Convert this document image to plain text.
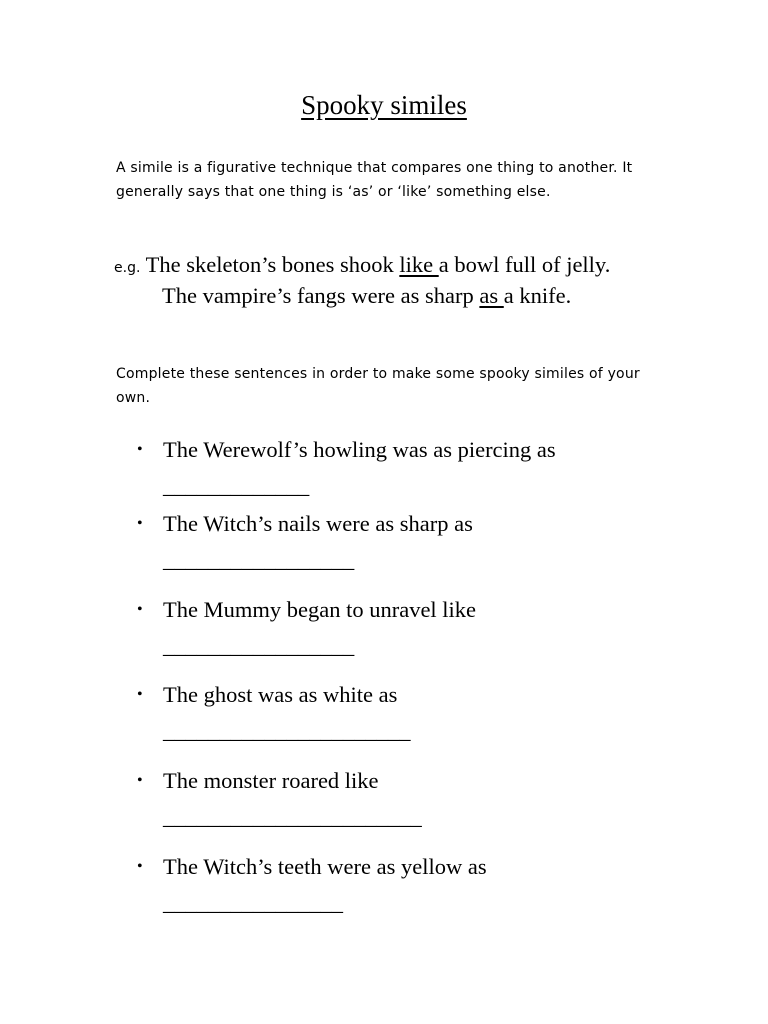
Spooky similes
A simile is a figurative technique that compares one thing to another. It generally says that one thing is ‘as’ or ‘like’ something else.
e.g. The skeleton’s bones shook like a bowl full of jelly.
The vampire’s fangs were as sharp as a knife.
Complete these sentences in order to make some spooky similes of your own.
• The Werewolf’s howling was as piercing as
_____________
• The Witch’s nails were as sharp as
_________________
• The Mummy began to unravel like
_________________
• The ghost was as white as
______________________
• The monster roared like
_______________________
• The Witch’s teeth were as yellow as
________________
